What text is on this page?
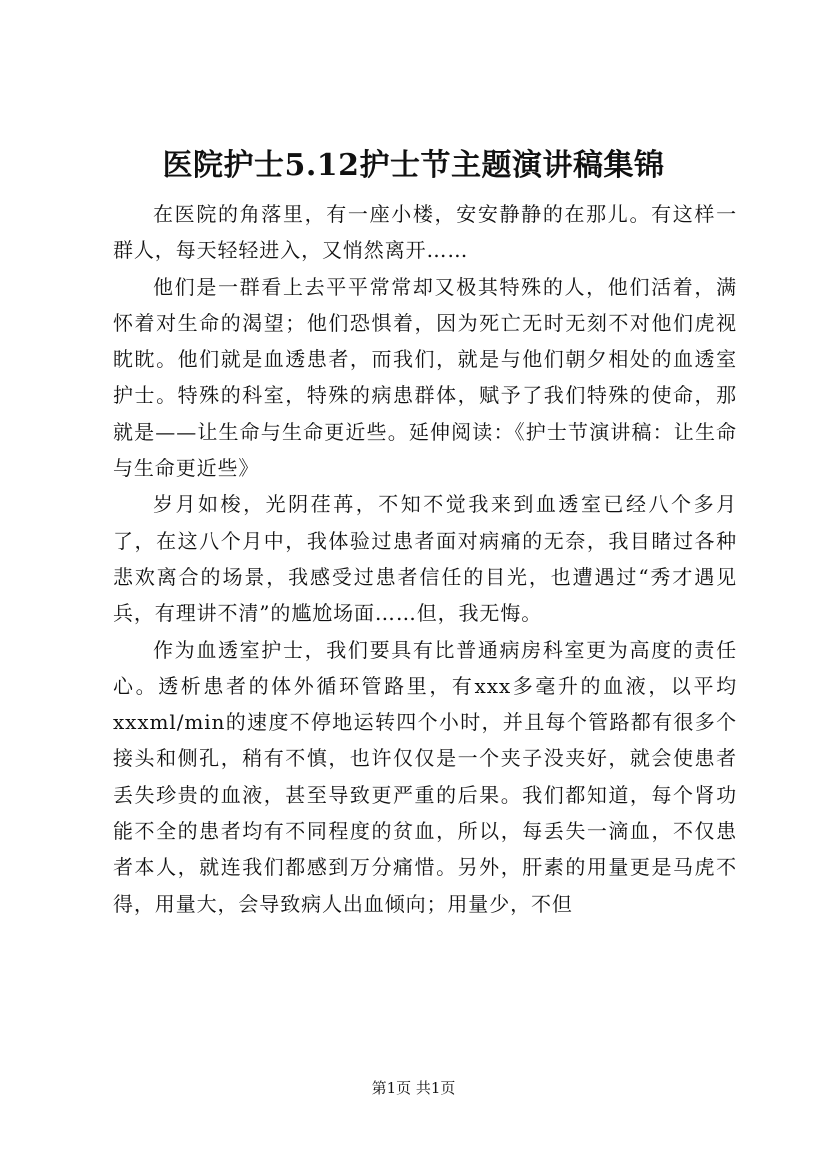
医院护士5.12护士节主题演讲稿集锦

在医院的角落里，有一座小楼，安安静静的在那儿。有这样一群人，每天轻轻进入，又悄然离开……

他们是一群看上去平平常常却又极其特殊的人，他们活着，满怀着对生命的渴望；他们恐惧着，因为死亡无时无刻不对他们虎视眈眈。他们就是血透患者，而我们，就是与他们朝夕相处的血透室护士。特殊的科室，特殊的病患群体，赋予了我们特殊的使命，那就是——让生命与生命更近些。延伸阅读：《护士节演讲稿：让生命与生命更近些》

岁月如梭，光阴荏苒，不知不觉我来到血透室已经八个多月了，在这八个月中，我体验过患者面对病痛的无奈，我目睹过各种悲欢离合的场景，我感受过患者信任的目光，也遭遇过“秀才遇见兵，有理讲不清”的尴尬场面……但，我无悔。

作为血透室护士，我们要具有比普通病房科室更为高度的责任心。透析患者的体外循环管路里，有xxx多毫升的血液，以平均xxxml/min的速度不停地运转四个小时，并且每个管路都有很多个接头和侧孔，稍有不慎，也许仅仅是一个夹子没夹好，就会使患者丢失珍贵的血液，甚至导致更严重的后果。我们都知道，每个肾功能不全的患者均有不同程度的贫血，所以，每丢失一滴血，不仅患者本人，就连我们都感到万分痛惜。另外，肝素的用量更是马虎不得，用量大，会导致病人出血倾向；用量少，不但

第1页 共1页
